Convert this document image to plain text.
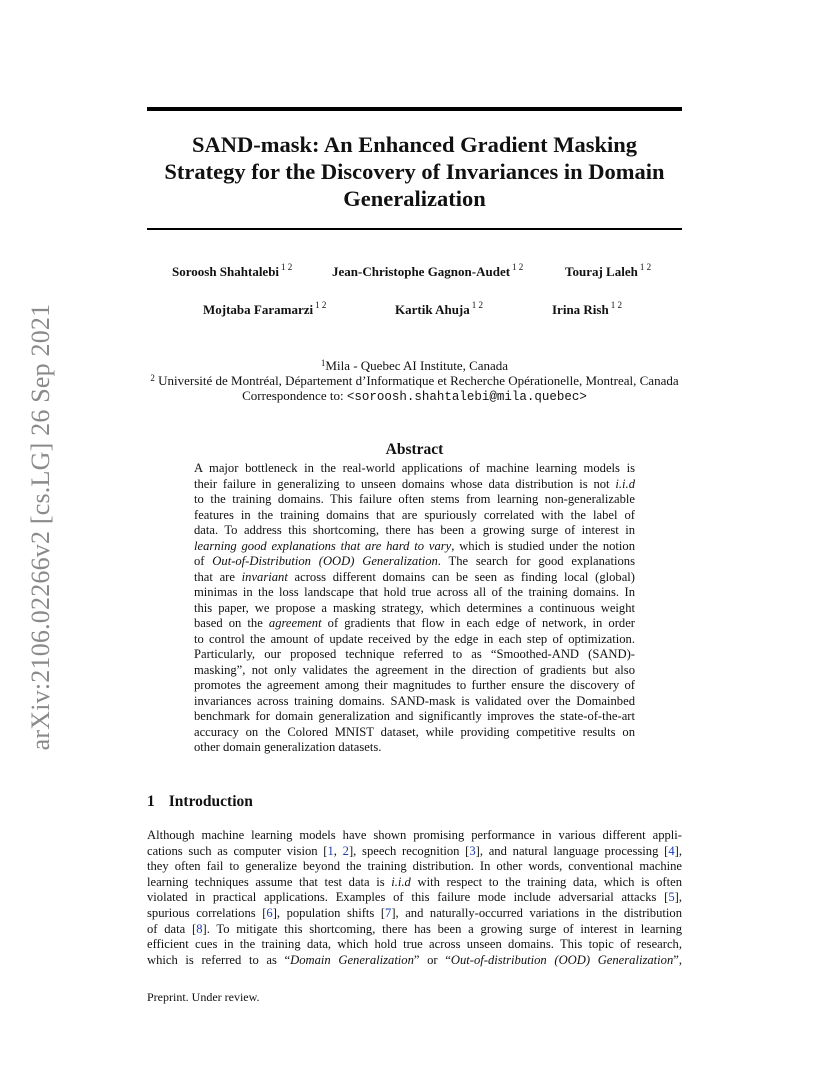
arXiv:2106.02266v2 [cs.LG] 26 Sep 2021
SAND-mask: An Enhanced Gradient Masking
Strategy for the Discovery of Invariances in Domain
Generalization
Soroosh Shahtalebi $^{1 2}$	Jean-Christophe Gagnon-Audet $^{1 2}$	Touraj Laleh $^{1 2}$
Mojtaba Faramarzi $^{1 2}$	Kartik Ahuja $^{1 2}$	Irina Rish $^{1 2}$
$^1$Mila - Quebec AI Institute, Canada
$^2$ Université de Montréal, Département d’Informatique et Recherche Opérationelle, Montreal, Canada
Correspondence to: <soroosh.shahtalebi@mila.quebec>
Abstract
A major bottleneck in the real-world applications of machine learning models is
their failure in generalizing to unseen domains whose data distribution is not i.i.d
to the training domains. This failure often stems from learning non-generalizable
features in the training domains that are spuriously correlated with the label of
data. To address this shortcoming, there has been a growing surge of interest in
learning good explanations that are hard to vary, which is studied under the notion
of Out-of-Distribution (OOD) Generalization. The search for good explanations
that are invariant across different domains can be seen as finding local (global)
minimas in the loss landscape that hold true across all of the training domains. In
this paper, we propose a masking strategy, which determines a continuous weight
based on the agreement of gradients that flow in each edge of network, in order
to control the amount of update received by the edge in each step of optimization.
Particularly, our proposed technique referred to as “Smoothed-AND (SAND)-
masking”, not only validates the agreement in the direction of gradients but also
promotes the agreement among their magnitudes to further ensure the discovery of
invariances across training domains. SAND-mask is validated over the Domainbed
benchmark for domain generalization and significantly improves the state-of-the-art
accuracy on the Colored MNIST dataset, while providing competitive results on
other domain generalization datasets.
1 Introduction
Although machine learning models have shown promising performance in various different appli-
cations such as computer vision [1, 2], speech recognition [3], and natural language processing [4],
they often fail to generalize beyond the training distribution. In other words, conventional machine
learning techniques assume that test data is i.i.d with respect to the training data, which is often
violated in practical applications. Examples of this failure mode include adversarial attacks [5],
spurious correlations [6], population shifts [7], and naturally-occurred variations in the distribution
of data [8]. To mitigate this shortcoming, there has been a growing surge of interest in learning
efficient cues in the training data, which hold true across unseen domains. This topic of research,
which is referred to as “Domain Generalization” or “Out-of-distribution (OOD) Generalization”,
Preprint. Under review.
